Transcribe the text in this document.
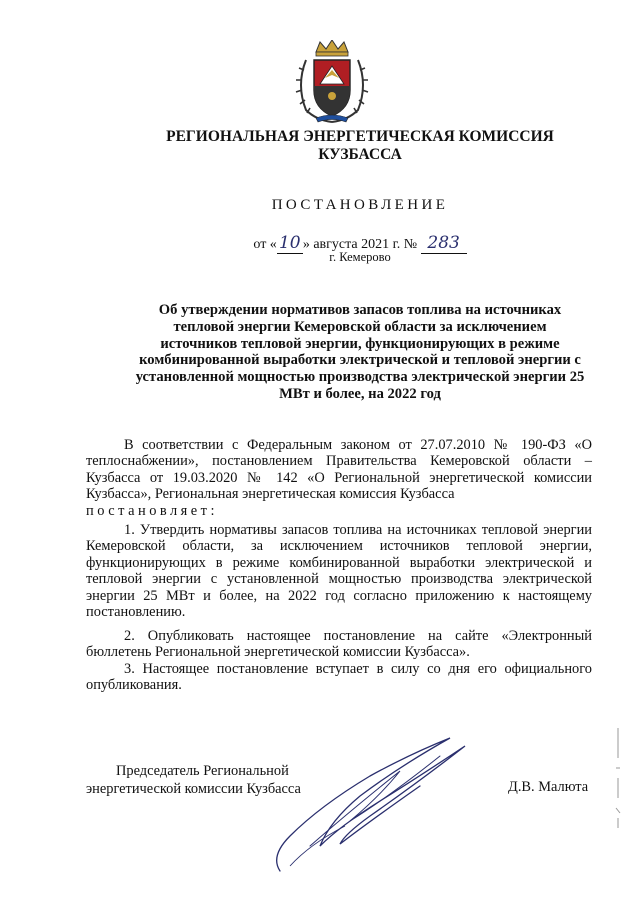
РЕГИОНАЛЬНАЯ ЭНЕРГЕТИЧЕСКАЯ КОМИССИЯ
КУЗБАССА
ПОСТАНОВЛЕНИЕ
от « 10 » августа 2021 г. № 283
г. Кемерово
Об утверждении нормативов запасов топлива на источниках
тепловой энергии Кемеровской области за исключением
источников тепловой энергии, функционирующих в режиме
комбинированной выработки электрической и тепловой энергии с
установленной мощностью производства электрической энергии 25
МВт и более, на 2022 год
В соответствии с Федеральным законом от 27.07.2010 № 190-ФЗ «О теплоснабжении», постановлением Правительства Кемеровской области – Кузбасса от 19.03.2020 № 142 «О Региональной энергетической комиссии Кузбасса», Региональная энергетическая комиссия Кузбасса
постановляет:
1. Утвердить нормативы запасов топлива на источниках тепловой энергии Кемеровской области, за исключением источников тепловой энергии, функционирующих в режиме комбинированной выработки электрической и тепловой энергии с установленной мощностью производства электрической энергии 25 МВт и более, на 2022 год согласно приложению к настоящему постановлению.
2. Опубликовать настоящее постановление на сайте «Электронный бюллетень Региональной энергетической комиссии Кузбасса».
3. Настоящее постановление вступает в силу со дня его официального опубликования.
Председатель Региональной
энергетической комиссии Кузбасса	Д.В. Малюта
